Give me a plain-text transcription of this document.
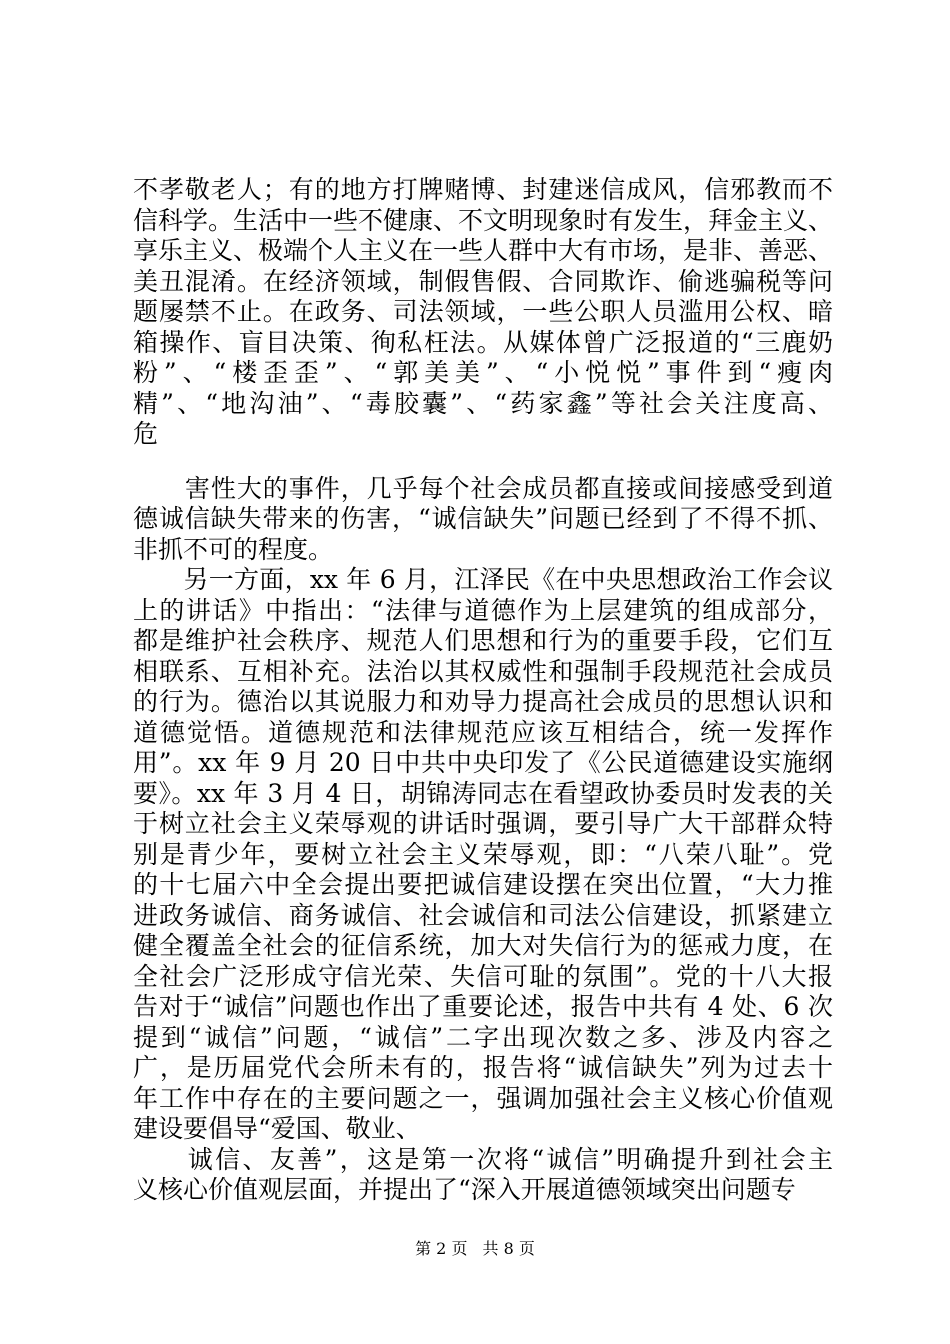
不孝敬老人；有的地方打牌赌博、封建迷信成风，信邪教而不
信科学。生活中一些不健康、不文明现象时有发生，拜金主义、
享乐主义、极端个人主义在一些人群中大有市场，是非、善恶、
美丑混淆。在经济领域，制假售假、合同欺诈、偷逃骗税等问
题屡禁不止。在政务、司法领域，一些公职人员滥用公权、暗
箱操作、盲目决策、徇私枉法。从媒体曾广泛报道的“三鹿奶
粉”、“楼歪歪”、“郭美美”、“小悦悦”事件到“瘦肉
精”、“地沟油”、“毒胶囊”、“药家鑫”等社会关注度高、
危
　　害性大的事件，几乎每个社会成员都直接或间接感受到道
德诚信缺失带来的伤害，“诚信缺失”问题已经到了不得不抓、
非抓不可的程度。
　　另一方面，xx 年 6 月，江泽民《在中央思想政治工作会议
上的讲话》中指出：“法律与道德作为上层建筑的组成部分，
都是维护社会秩序、规范人们思想和行为的重要手段，它们互
相联系、互相补充。法治以其权威性和强制手段规范社会成员
的行为。德治以其说服力和劝导力提高社会成员的思想认识和
道德觉悟。道德规范和法律规范应该互相结合，统一发挥作
用”。xx 年 9 月 20 日中共中央印发了《公民道德建设实施纲
要》。xx 年 3 月 4 日，胡锦涛同志在看望政协委员时发表的关
于树立社会主义荣辱观的讲话时强调，要引导广大干部群众特
别是青少年，要树立社会主义荣辱观，即：“八荣八耻”。党
的十七届六中全会提出要把诚信建设摆在突出位置，“大力推
进政务诚信、商务诚信、社会诚信和司法公信建设，抓紧建立
健全覆盖全社会的征信系统，加大对失信行为的惩戒力度，在
全社会广泛形成守信光荣、失信可耻的氛围”。党的十八大报
告对于“诚信”问题也作出了重要论述，报告中共有 4 处、6 次
提到“诚信”问题，“诚信”二字出现次数之多、涉及内容之
广，是历届党代会所未有的，报告将“诚信缺失”列为过去十
年工作中存在的主要问题之一，强调加强社会主义核心价值观
建设要倡导“爱国、敬业、
　　诚信、友善”，这是第一次将“诚信”明确提升到社会主
义核心价值观层面，并提出了“深入开展道德领域突出问题专
第 2 页 共 8 页
